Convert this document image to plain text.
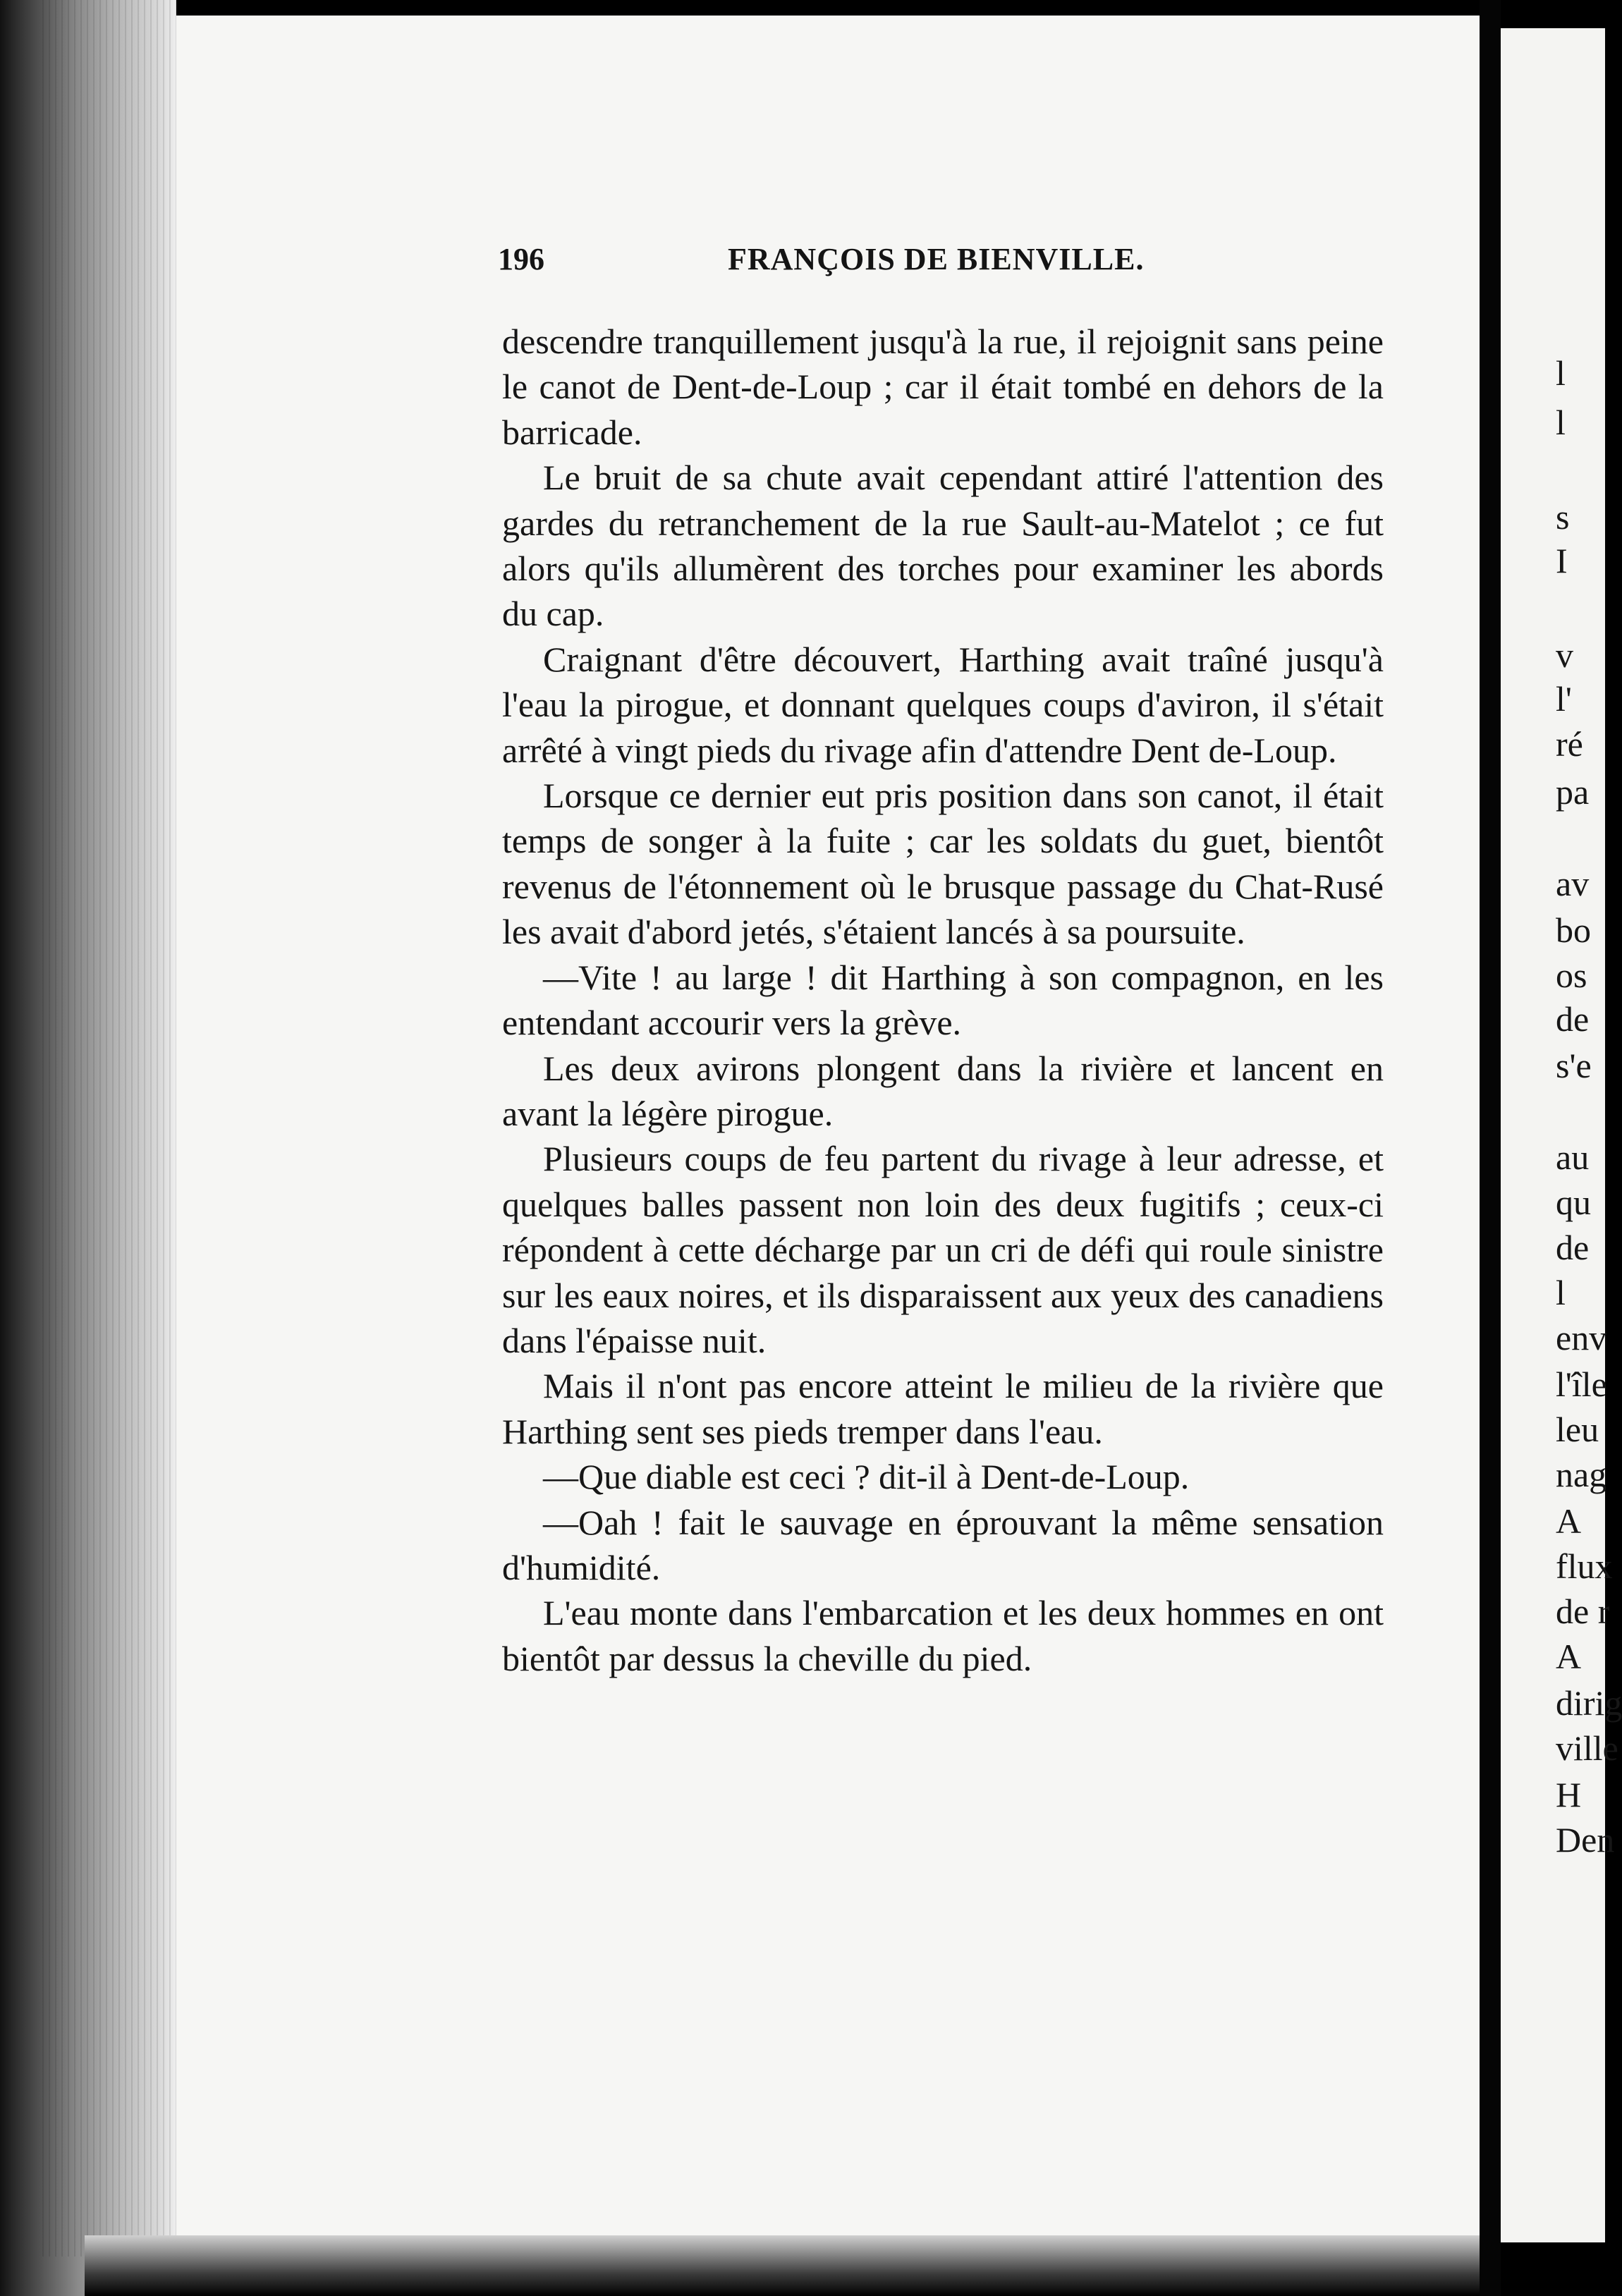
196	FRANÇOIS DE BIENVILLE.

descendre tranquillement jusqu'à la rue, il rejoignit sans peine le canot de Dent-de-Loup ; car il était tombé en dehors de la barricade.

Le bruit de sa chute avait cependant attiré l'attention des gardes du retranchement de la rue Sault-au-Matelot ; ce fut alors qu'ils allumèrent des torches pour examiner les abords du cap.

Craignant d'être découvert, Harthing avait traîné jusqu'à l'eau la pirogue, et donnant quelques coups d'aviron, il s'était arrêté à vingt pieds du rivage afin d'attendre Dent de-Loup.

Lorsque ce dernier eut pris position dans son canot, il était temps de songer à la fuite ; car les soldats du guet, bientôt revenus de l'étonnement où le brusque passage du Chat-Rusé les avait d'abord jetés, s'étaient lancés à sa poursuite.

—Vite ! au large ! dit Harthing à son compagnon, en les entendant accourir vers la grève.

Les deux avirons plongent dans la rivière et lancent en avant la légère pirogue.

Plusieurs coups de feu partent du rivage à leur adresse, et quelques balles passent non loin des deux fugitifs ; ceux-ci répondent à cette décharge par un cri de défi qui roule sinistre sur les eaux noires, et ils disparaissent aux yeux des canadiens dans l'épaisse nuit.

Mais il n'ont pas encore atteint le milieu de la rivière que Harthing sent ses pieds tremper dans l'eau.

—Que diable est ceci ? dit-il à Dent-de-Loup.

—Oah ! fait le sauvage en éprouvant la même sensation d'humidité.

L'eau monte dans l'embarcation et les deux hommes en ont bientôt par dessus la cheville du pied.

l
l
s
I
v
l'
ré
pa
av
bo
os
de
s'e
au
qu
de
l
env
l'île
leu
nag
A
flux
de r
A
dirig
ville
H
Den
